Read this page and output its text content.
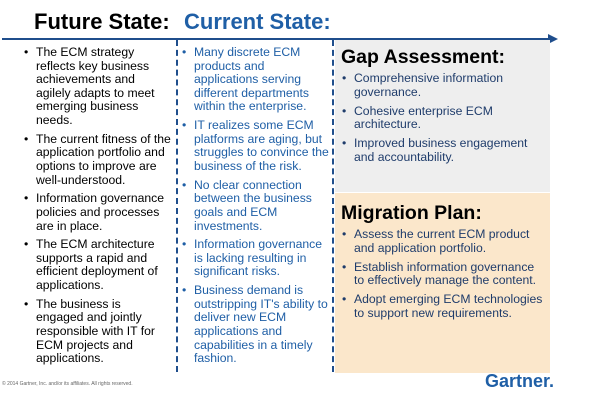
Future State: Current State:
• The ECM strategy reflects key business achievements and agilely adapts to meet emerging business needs.
• The current fitness of the application portfolio and options to improve are well-understood.
• Information governance policies and processes are in place.
• The ECM architecture supports a rapid and efficient deployment of applications.
• The business is engaged and jointly responsible with IT for ECM projects and applications.
• Many discrete ECM products and applications serving different departments within the enterprise.
• IT realizes some ECM platforms are aging, but struggles to convince the business of the risk.
• No clear connection between the business goals and ECM investments.
• Information governance is lacking resulting in significant risks.
• Business demand is outstripping IT's ability to deliver new ECM applications and capabilities in a timely fashion.
Gap Assessment:
• Comprehensive information governance.
• Cohesive enterprise ECM architecture.
• Improved business engagement and accountability.
Migration Plan:
• Assess the current ECM product and application portfolio.
• Establish information governance to effectively manage the content.
• Adopt emerging ECM technologies to support new requirements.
© 2014 Gartner, Inc. and/or its affiliates. All rights reserved.	Gartner.
